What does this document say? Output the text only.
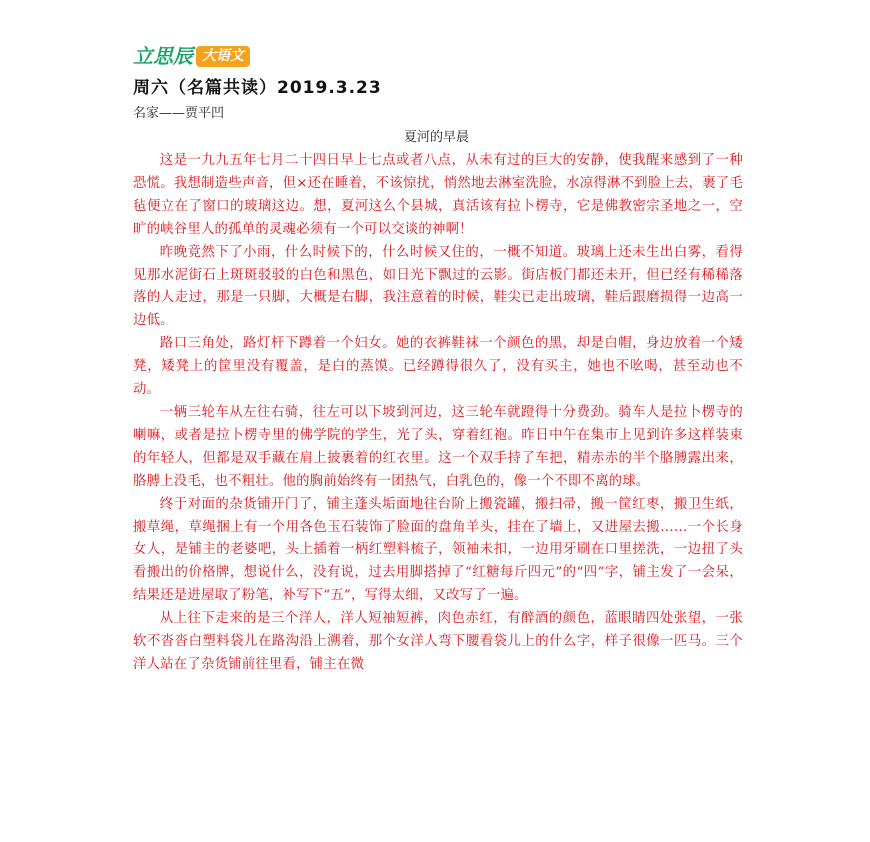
立思辰 大语文
周六（名篇共读）2019.3.23
名家——贾平凹
夏河的早晨

这是一九九五年七月二十四日早上七点或者八点，从未有过的巨大的安静，使我醒来感到了一种恐慌。我想制造些声音，但×还在睡着，不该惊扰，悄然地去淋室洗脸，水凉得淋不到脸上去，裹了毛毡便立在了窗口的玻璃这边。想，夏河这么个县城，真活该有拉卜楞寺，它是佛教密宗圣地之一，空旷的峡谷里人的孤单的灵魂必须有一个可以交谈的神啊！

昨晚竟然下了小雨，什么时候下的，什么时候又住的，一概不知道。玻璃上还未生出白雾，看得见那水泥街石上斑斑驳驳的白色和黑色，如日光下飘过的云影。街店板门都还未开，但已经有稀稀落落的人走过，那是一只脚，大概是右脚，我注意着的时候，鞋尖已走出玻璃，鞋后跟磨损得一边高一边低。

路口三角处，路灯杆下蹲着一个妇女。她的衣裤鞋袜一个颜色的黑，却是白帽，身边放着一个矮凳，矮凳上的筐里没有覆盖，是白的蒸馍。已经蹲得很久了，没有买主，她也不吆喝，甚至动也不动。

一辆三轮车从左往右骑，往左可以下坡到河边，这三轮车就蹬得十分费劲。骑车人是拉卜楞寺的喇嘛，或者是拉卜楞寺里的佛学院的学生，光了头，穿着红袍。昨日中午在集市上见到许多这样装束的年轻人，但都是双手藏在肩上披裹着的红衣里。这一个双手持了车把，精赤赤的半个胳膊露出来，胳膊上没毛，也不粗壮。他的胸前始终有一团热气，白乳色的，像一个不即不离的球。

终于对面的杂货铺开门了，铺主蓬头垢面地往台阶上搬瓷罐，搬扫帚，搬一筐红枣，搬卫生纸，搬草绳，草绳捆上有一个用各色玉石装饰了脸面的盘角羊头，挂在了墙上，又进屋去搬……一个长身女人，是铺主的老婆吧，头上插着一柄红塑料梳子，领袖未扣，一边用牙刷在口里搓洗，一边扭了头看搬出的价格牌，想说什么，没有说，过去用脚搭掉了“红糖每斤四元”的“四”字，铺主发了一会呆，结果还是进屋取了粉笔，补写下“五”，写得太细，又改写了一遍。

从上往下走来的是三个洋人，洋人短袖短裤，肉色赤红，有醉酒的颜色，蓝眼睛四处张望，一张软不沓沓白塑料袋儿在路沟沿上溯着，那个女洋人弯下腰看袋儿上的什么字，样子很像一匹马。三个洋人站在了杂货铺前往里看，铺主在微
